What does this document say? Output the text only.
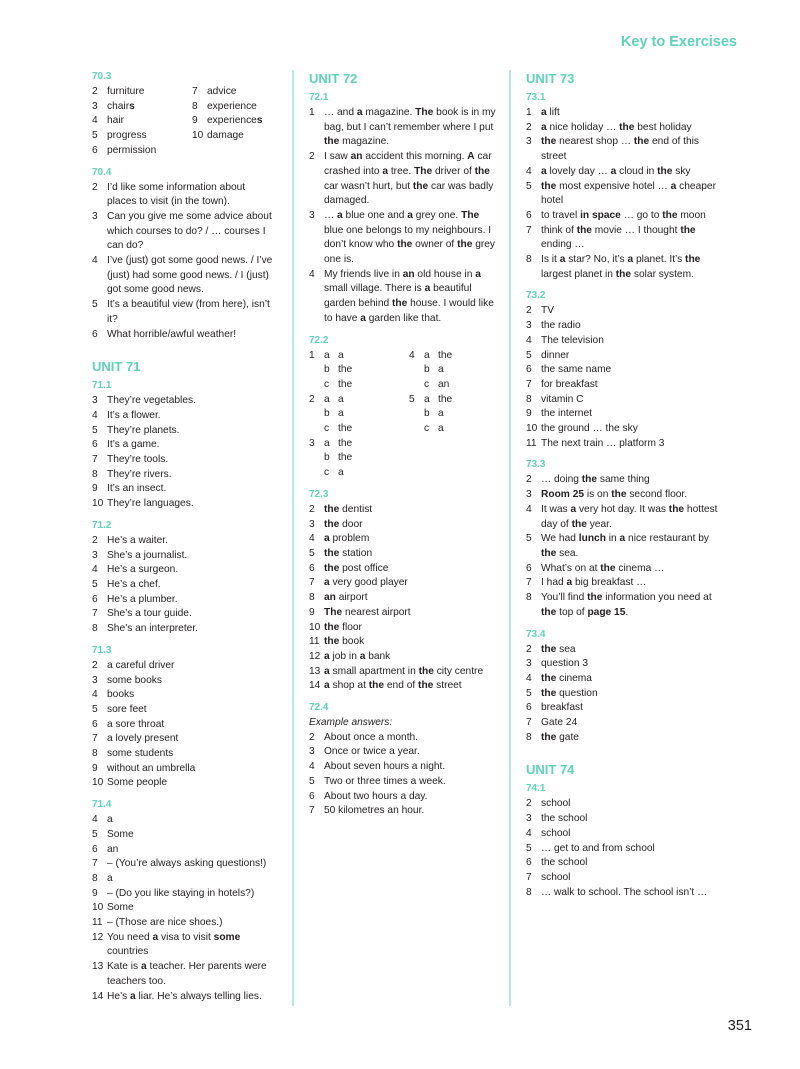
Key to Exercises
70.3
2 furniture
3 chairs
4 hair
5 progress
6 permission
7 advice
8 experience
9 experiences
10 damage
70.4
2 I’d like some information about places to visit (in the town).
3 Can you give me some advice about which courses to do? / … courses I can do?
4 I’ve (just) got some good news. / I’ve (just) had some good news. / I (just) got some good news.
5 It’s a beautiful view (from here), isn’t it?
6 What horrible/awful weather!
UNIT 71
71.1
3 They’re vegetables.
4 It’s a flower.
5 They’re planets.
6 It’s a game.
7 They’re tools.
8 They’re rivers.
9 It’s an insect.
10 They’re languages.
71.2
2 He’s a waiter.
3 She’s a journalist.
4 He’s a surgeon.
5 He’s a chef.
6 He’s a plumber.
7 She’s a tour guide.
8 She’s an interpreter.
71.3
2 a careful driver
3 some books
4 books
5 sore feet
6 a sore throat
7 a lovely present
8 some students
9 without an umbrella
10 Some people
71.4
4 a
5 Some
6 an
7 – (You’re always asking questions!)
8 a
9 – (Do you like staying in hotels?)
10 Some
11 – (Those are nice shoes.)
12 You need a visa to visit some countries
13 Kate is a teacher. Her parents were teachers too.
14 He’s a liar. He’s always telling lies.
UNIT 72
72.1
1 … and a magazine. The book is in my bag, but I can’t remember where I put the magazine.
2 I saw an accident this morning. A car crashed into a tree. The driver of the car wasn’t hurt, but the car was badly damaged.
3 … a blue one and a grey one. The blue one belongs to my neighbours. I don’t know who the owner of the grey one is.
4 My friends live in an old house in a small village. There is a beautiful garden behind the house. I would like to have a garden like that.
72.2
1 a a
b the
c the
2 a a
b a
c the
3 a the
b the
c a
4 a the
b a
c an
5 a the
b a
c a
72.3
2 the dentist
3 the door
4 a problem
5 the station
6 the post office
7 a very good player
8 an airport
9 The nearest airport
10 the floor
11 the book
12 a job in a bank
13 a small apartment in the city centre
14 a shop at the end of the street
72.4
Example answers:
2 About once a month.
3 Once or twice a year.
4 About seven hours a night.
5 Two or three times a week.
6 About two hours a day.
7 50 kilometres an hour.
UNIT 73
73.1
1 a lift
2 a nice holiday … the best holiday
3 the nearest shop … the end of this street
4 a lovely day … a cloud in the sky
5 the most expensive hotel … a cheaper hotel
6 to travel in space … go to the moon
7 think of the movie … I thought the ending …
8 Is it a star? No, it’s a planet. It’s the largest planet in the solar system.
73.2
2 TV
3 the radio
4 The television
5 dinner
6 the same name
7 for breakfast
8 vitamin C
9 the internet
10 the ground … the sky
11 The next train … platform 3
73.3
2 … doing the same thing
3 Room 25 is on the second floor.
4 It was a very hot day. It was the hottest day of the year.
5 We had lunch in a nice restaurant by the sea.
6 What’s on at the cinema …
7 I had a big breakfast …
8 You’ll find the information you need at the top of page 15.
73.4
2 the sea
3 question 3
4 the cinema
5 the question
6 breakfast
7 Gate 24
8 the gate
UNIT 74
74.1
2 school
3 the school
4 school
5 … get to and from school
6 the school
7 school
8 … walk to school. The school isn’t …
351
